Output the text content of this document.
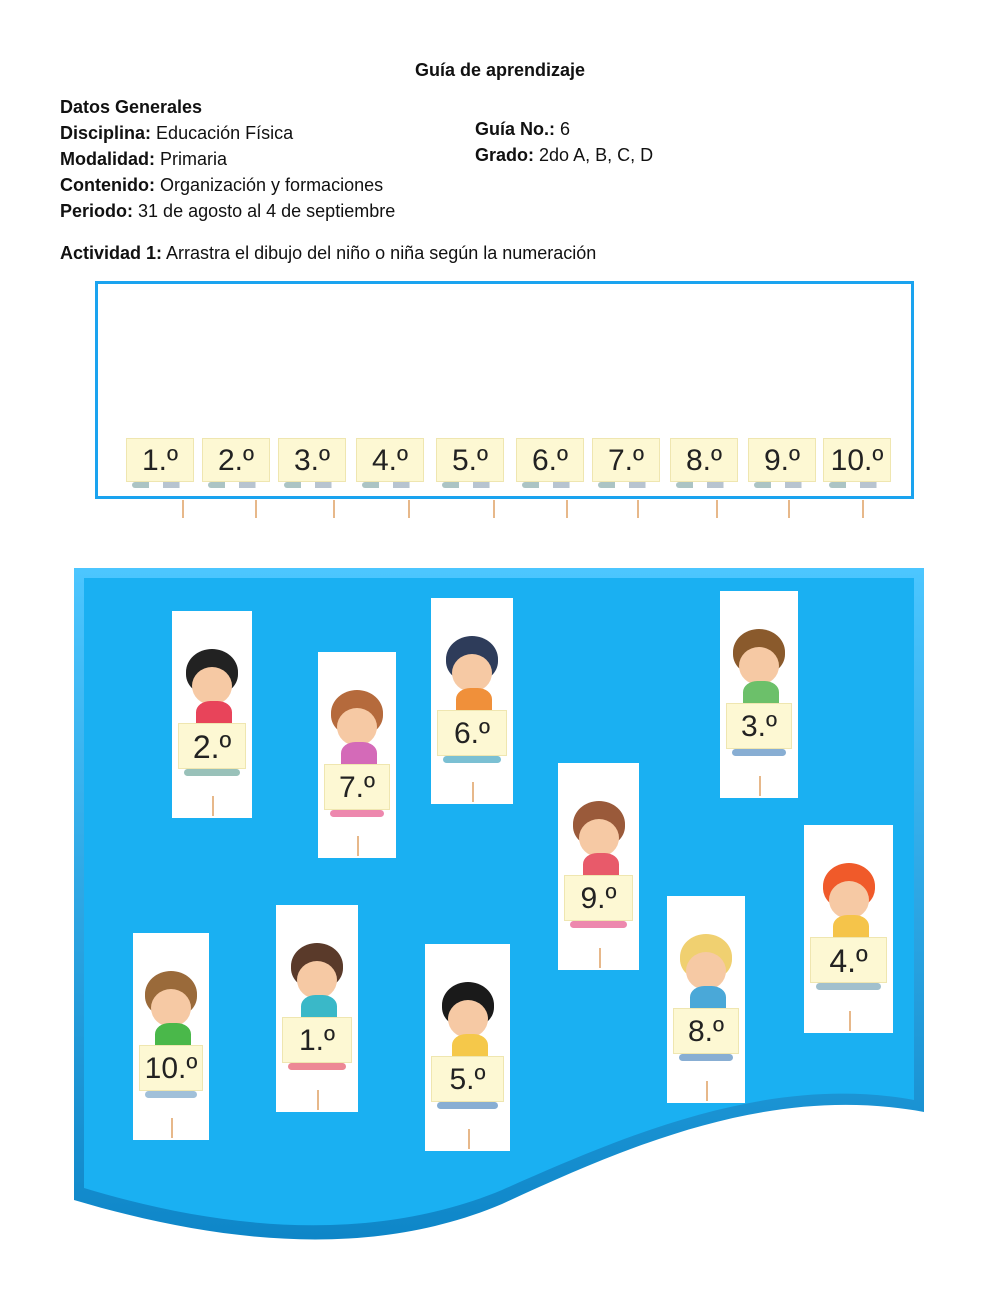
Guía de aprendizaje
Datos Generales
Disciplina: Educación Física
Modalidad: Primaria
Contenido: Organización y formaciones
Periodo: 31 de agosto al 4 de septiembre
Guía No.: 6
Grado: 2do A, B, C, D
Actividad 1: Arrastra el dibujo del niño o niña según la numeración
1.º	2.º	3.º	4.º	5.º	6.º	7.º	8.º	9.º	10.º
2.º
7.º
6.º	3.º
9.º
4.º
10.º
1.º
5.º
8.º
